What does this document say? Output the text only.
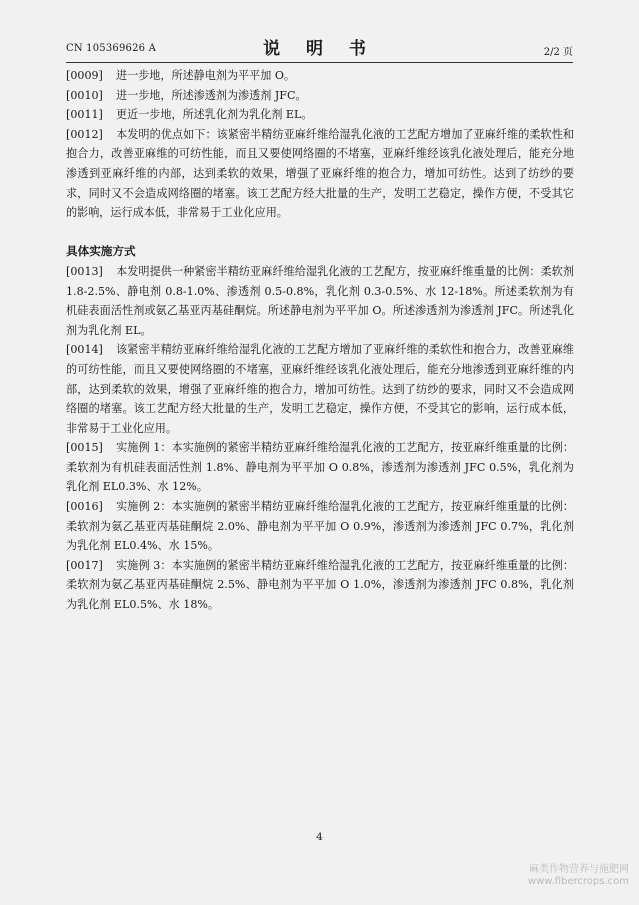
CN 105369626 A	说 明 书	2/2 页

[0009] 进一步地，所述静电剂为平平加 O。

[0010] 进一步地，所述渗透剂为渗透剂 JFC。

[0011] 更近一步地，所述乳化剂为乳化剂 EL。

[0012] 本发明的优点如下：该紧密半精纺亚麻纤维给湿乳化液的工艺配方增加了亚麻纤维的柔软性和抱合力，改善亚麻维的可纺性能，而且又要使网络圈的不堵塞，亚麻纤维经该乳化液处理后，能充分地渗透到亚麻纤维的内部，达到柔软的效果，增强了亚麻纤维的抱合力，增加可纺性。达到了纺纱的要求，同时又不会造成网络圈的堵塞。该工艺配方经大批量的生产，发明工艺稳定，操作方便，不受其它的影响，运行成本低，非常易于工业化应用。

具体实施方式

[0013] 本发明提供一种紧密半精纺亚麻纤维给湿乳化液的工艺配方，按亚麻纤维重量的比例：柔软剂 1.8-2.5%、静电剂 0.8-1.0%、渗透剂 0.5-0.8%，乳化剂 0.3-0.5%、水 12-18%。所述柔软剂为有机硅表面活性剂或氨乙基亚丙基硅酮烷。所述静电剂为平平加 O。所述渗透剂为渗透剂 JFC。所述乳化剂为乳化剂 EL。

[0014] 该紧密半精纺亚麻纤维给湿乳化液的工艺配方增加了亚麻纤维的柔软性和抱合力，改善亚麻维的可纺性能，而且又要使网络圈的不堵塞，亚麻纤维经该乳化液处理后，能充分地渗透到亚麻纤维的内部，达到柔软的效果，增强了亚麻纤维的抱合力，增加可纺性。达到了纺纱的要求，同时又不会造成网络圈的堵塞。该工艺配方经大批量的生产，发明工艺稳定，操作方便，不受其它的影响，运行成本低，非常易于工业化应用。

[0015] 实施例 1：本实施例的紧密半精纺亚麻纤维给湿乳化液的工艺配方，按亚麻纤维重量的比例：柔软剂为有机硅表面活性剂 1.8%、静电剂为平平加 O 0.8%，渗透剂为渗透剂 JFC 0.5%，乳化剂为乳化剂 EL0.3%、水 12%。

[0016] 实施例 2：本实施例的紧密半精纺亚麻纤维给湿乳化液的工艺配方，按亚麻纤维重量的比例：柔软剂为氨乙基亚丙基硅酮烷 2.0%、静电剂为平平加 O 0.9%，渗透剂为渗透剂 JFC 0.7%，乳化剂为乳化剂 EL0.4%、水 15%。

[0017] 实施例 3：本实施例的紧密半精纺亚麻纤维给湿乳化液的工艺配方，按亚麻纤维重量的比例：柔软剂为氨乙基亚丙基硅酮烷 2.5%、静电剂为平平加 O 1.0%，渗透剂为渗透剂 JFC 0.8%，乳化剂为乳化剂 EL0.5%、水 18%。

4
麻类作物营养与施肥网
www.fibercrops.com
